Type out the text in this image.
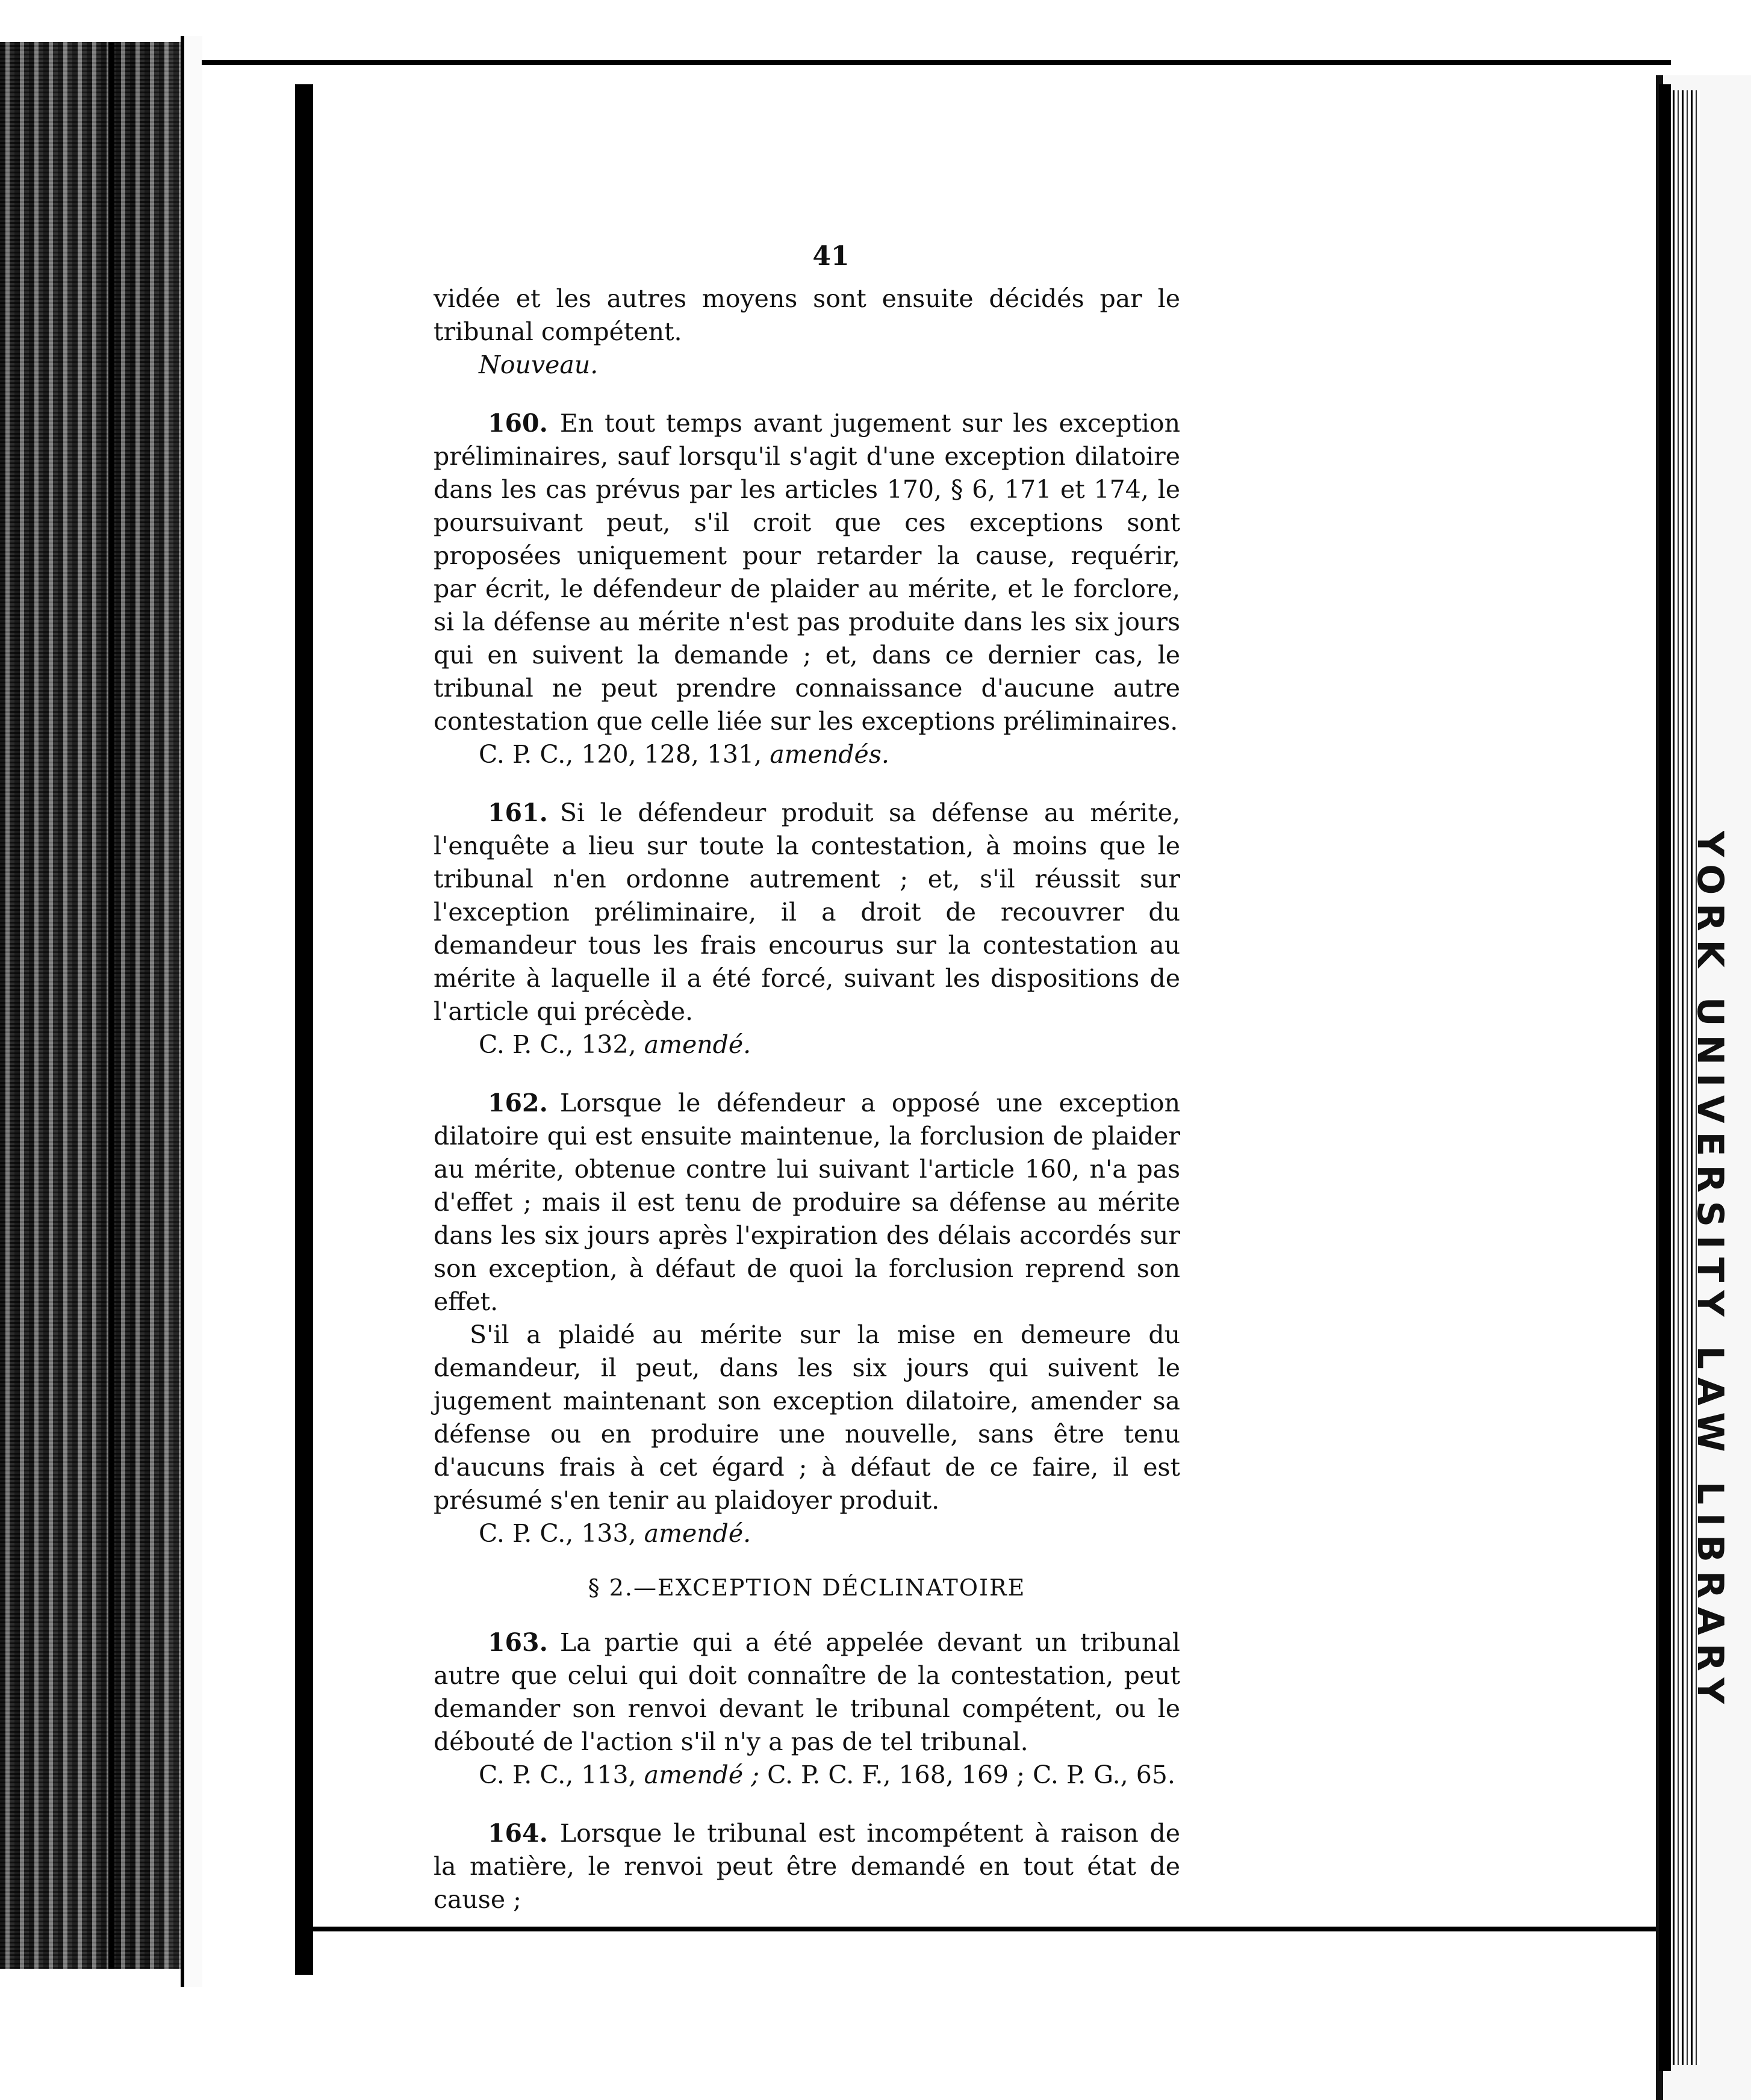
YORK UNIVERSITY LAW LIBRARY
41

vidée et les autres moyens sont ensuite décidés par le tribunal compétent.

Nouveau.

160. En tout temps avant jugement sur les exception préliminaires, sauf lorsqu'il s'agit d'une exception dilatoire dans les cas prévus par les articles 170, § 6, 171 et 174, le poursuivant peut, s'il croit que ces exceptions sont proposées uniquement pour retarder la cause, requérir, par écrit, le défendeur de plaider au mérite, et le forclore, si la défense au mérite n'est pas produite dans les six jours qui en suivent la demande ; et, dans ce dernier cas, le tribunal ne peut prendre connaissance d'aucune autre contestation que celle liée sur les exceptions préliminaires.

C. P. C., 120, 128, 131, amendés.

161. Si le défendeur produit sa défense au mérite, l'enquête a lieu sur toute la contestation, à moins que le tribunal n'en ordonne autrement ; et, s'il réussit sur l'exception préliminaire, il a droit de recouvrer du demandeur tous les frais encourus sur la contestation au mérite à laquelle il a été forcé, suivant les dispositions de l'article qui précède.

C. P. C., 132, amendé.

162. Lorsque le défendeur a opposé une exception dilatoire qui est ensuite maintenue, la forclusion de plaider au mérite, obtenue contre lui suivant l'article 160, n'a pas d'effet ; mais il est tenu de produire sa défense au mérite dans les six jours après l'expiration des délais accordés sur son exception, à défaut de quoi la forclusion reprend son effet.

S'il a plaidé au mérite sur la mise en demeure du demandeur, il peut, dans les six jours qui suivent le jugement maintenant son exception dilatoire, amender sa défense ou en produire une nouvelle, sans être tenu d'aucuns frais à cet égard ; à défaut de ce faire, il est présumé s'en tenir au plaidoyer produit.

C. P. C., 133, amendé.

§ 2.—EXCEPTION DÉCLINATOIRE

163. La partie qui a été appelée devant un tribunal autre que celui qui doit connaître de la contestation, peut demander son renvoi devant le tribunal compétent, ou le débouté de l'action s'il n'y a pas de tel tribunal.

C. P. C., 113, amendé ; C. P. C. F., 168, 169 ; C. P. G., 65.

164. Lorsque le tribunal est incompétent à raison de la matière, le renvoi peut être demandé en tout état de cause ;
